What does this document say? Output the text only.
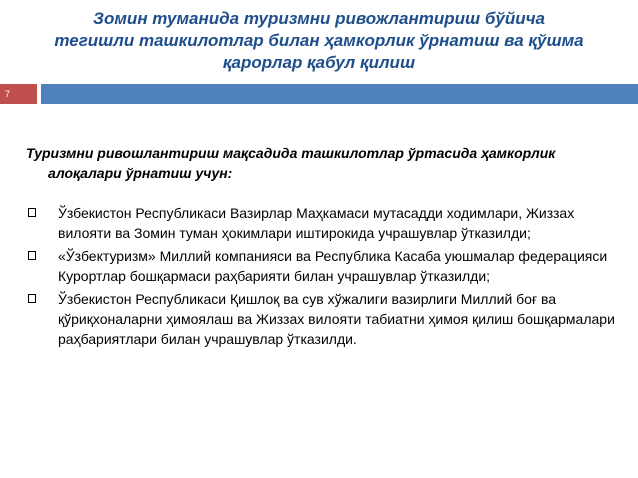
Зомин туманида туризмни ривожлантириш бўйича
тегишли ташкилотлар билан ҳамкорлик ўрнатиш ва қўшма
қарорлар қабул қилиш
7

Туризмни ривошлантириш мақсадида ташкилотлар ўртасида ҳамкорлик алоқалари ўрнатиш учун:

Ўзбекистон Республикаси Вазирлар Маҳкамаси мутасадди ходимлари, Жиззах вилояти ва Зомин туман ҳокимлари иштирокида учрашувлар ўтказилди;
«Ўзбектуризм» Миллий компанияси ва Республика Касаба уюшмалар федерацияси Курортлар бошқармаси раҳбарияти билан учрашувлар ўтказилди;
Ўзбекистон Республикаси Қишлоқ ва сув хўжалиги вазирлиги Миллий боғ ва қўриқхоналарни ҳимоялаш ва Жиззах вилояти табиатни ҳимоя қилиш бошқармалари раҳбариятлари билан учрашувлар ўтказилди.
